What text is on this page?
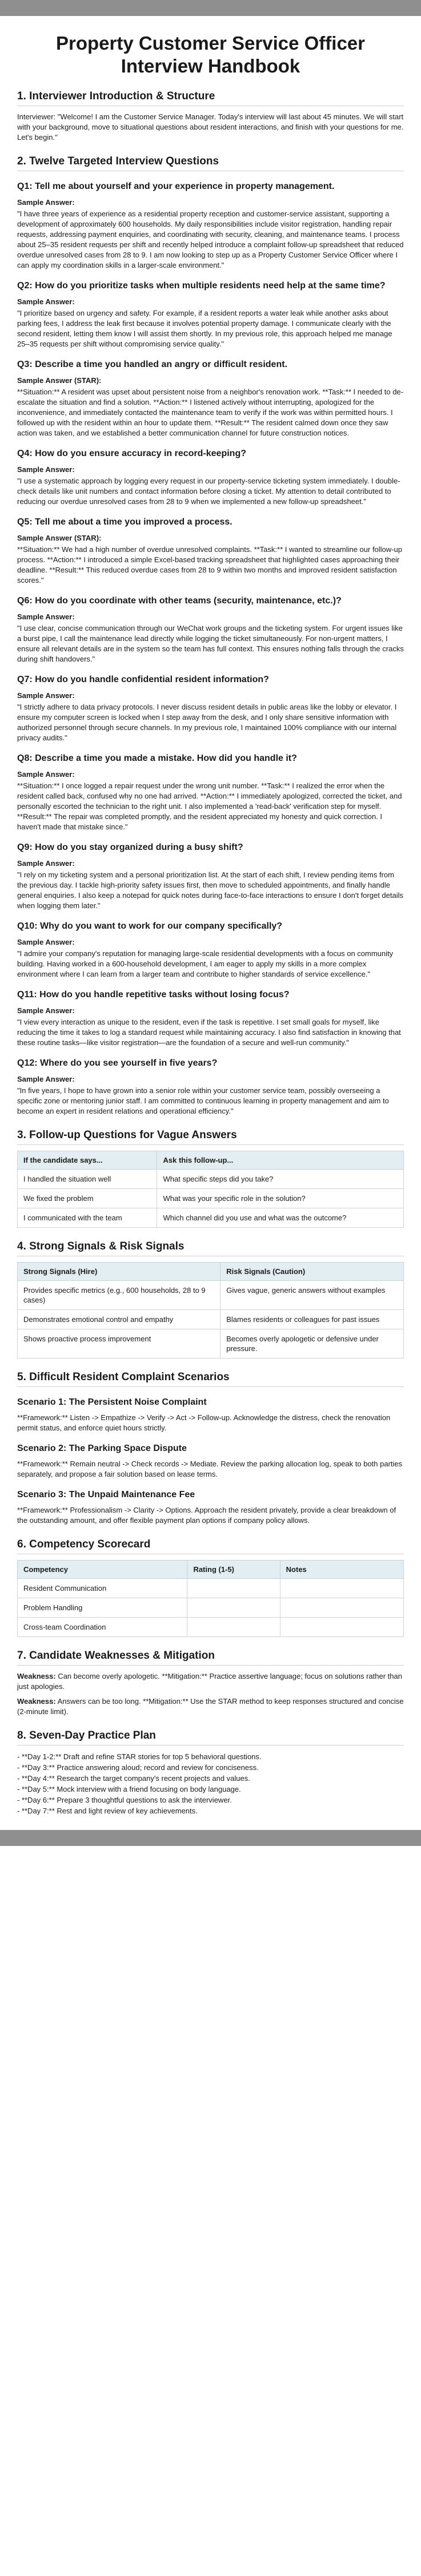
Property Customer Service Officer Interview Handbook
1. Interviewer Introduction & Structure

Interviewer: "Welcome! I am the Customer Service Manager. Today's interview will last about 45 minutes. We will start with your background, move to situational questions about resident interactions, and finish with your questions for me. Let's begin."

2. Twelve Targeted Interview Questions
Q1: Tell me about yourself and your experience in property management.
Sample Answer:

"I have three years of experience as a residential property reception and customer-service assistant, supporting a development of approximately 600 households. My daily responsibilities include visitor registration, handling repair requests, addressing payment enquiries, and coordinating with security, cleaning, and maintenance teams. I process about 25–35 resident requests per shift and recently helped introduce a complaint follow-up spreadsheet that reduced overdue unresolved cases from 28 to 9. I am now looking to step up as a Property Customer Service Officer where I can apply my coordination skills in a larger-scale environment."

Q2: How do you prioritize tasks when multiple residents need help at the same time?
Sample Answer:

"I prioritize based on urgency and safety. For example, if a resident reports a water leak while another asks about parking fees, I address the leak first because it involves potential property damage. I communicate clearly with the second resident, letting them know I will assist them shortly. In my previous role, this approach helped me manage 25–35 requests per shift without compromising service quality."

Q3: Describe a time you handled an angry or difficult resident.
Sample Answer (STAR):

**Situation:** A resident was upset about persistent noise from a neighbor's renovation work. **Task:** I needed to de-escalate the situation and find a solution. **Action:** I listened actively without interrupting, apologized for the inconvenience, and immediately contacted the maintenance team to verify if the work was within permitted hours. I followed up with the resident within an hour to update them. **Result:** The resident calmed down once they saw action was taken, and we established a better communication channel for future construction notices.

Q4: How do you ensure accuracy in record-keeping?
Sample Answer:

"I use a systematic approach by logging every request in our property-service ticketing system immediately. I double-check details like unit numbers and contact information before closing a ticket. My attention to detail contributed to reducing our overdue unresolved cases from 28 to 9 when we implemented a new follow-up spreadsheet."

Q5: Tell me about a time you improved a process.
Sample Answer (STAR):

**Situation:** We had a high number of overdue unresolved complaints. **Task:** I wanted to streamline our follow-up process. **Action:** I introduced a simple Excel-based tracking spreadsheet that highlighted cases approaching their deadline. **Result:** This reduced overdue cases from 28 to 9 within two months and improved resident satisfaction scores."

Q6: How do you coordinate with other teams (security, maintenance, etc.)?
Sample Answer:

"I use clear, concise communication through our WeChat work groups and the ticketing system. For urgent issues like a burst pipe, I call the maintenance lead directly while logging the ticket simultaneously. For non-urgent matters, I ensure all relevant details are in the system so the team has full context. This ensures nothing falls through the cracks during shift handovers."

Q7: How do you handle confidential resident information?
Sample Answer:

"I strictly adhere to data privacy protocols. I never discuss resident details in public areas like the lobby or elevator. I ensure my computer screen is locked when I step away from the desk, and I only share sensitive information with authorized personnel through secure channels. In my previous role, I maintained 100% compliance with our internal privacy audits."

Q8: Describe a time you made a mistake. How did you handle it?
Sample Answer:

**Situation:** I once logged a repair request under the wrong unit number. **Task:** I realized the error when the resident called back, confused why no one had arrived. **Action:** I immediately apologized, corrected the ticket, and personally escorted the technician to the right unit. I also implemented a 'read-back' verification step for myself. **Result:** The repair was completed promptly, and the resident appreciated my honesty and quick correction. I haven't made that mistake since."

Q9: How do you stay organized during a busy shift?
Sample Answer:

"I rely on my ticketing system and a personal prioritization list. At the start of each shift, I review pending items from the previous day. I tackle high-priority safety issues first, then move to scheduled appointments, and finally handle general enquiries. I also keep a notepad for quick notes during face-to-face interactions to ensure I don't forget details when logging them later."

Q10: Why do you want to work for our company specifically?
Sample Answer:

"I admire your company's reputation for managing large-scale residential developments with a focus on community building. Having worked in a 600-household development, I am eager to apply my skills in a more complex environment where I can learn from a larger team and contribute to higher standards of service excellence."

Q11: How do you handle repetitive tasks without losing focus?
Sample Answer:

"I view every interaction as unique to the resident, even if the task is repetitive. I set small goals for myself, like reducing the time it takes to log a standard request while maintaining accuracy. I also find satisfaction in knowing that these routine tasks—like visitor registration—are the foundation of a secure and well-run community."

Q12: Where do you see yourself in five years?
Sample Answer:

"In five years, I hope to have grown into a senior role within your customer service team, possibly overseeing a specific zone or mentoring junior staff. I am committed to continuous learning in property management and aim to become an expert in resident relations and operational efficiency."

3. Follow-up Questions for Vague Answers
If the candidate says...	Ask this follow-up...
I handled the situation well	What specific steps did you take?
We fixed the problem	What was your specific role in the solution?
I communicated with the team	Which channel did you use and what was the outcome?
4. Strong Signals & Risk Signals
Strong Signals (Hire)	Risk Signals (Caution)
Provides specific metrics (e.g., 600 households, 28 to 9 cases)	Gives vague, generic answers without examples
Demonstrates emotional control and empathy	Blames residents or colleagues for past issues
Shows proactive process improvement	Becomes overly apologetic or defensive under pressure.
5. Difficult Resident Complaint Scenarios
Scenario 1: The Persistent Noise Complaint

**Framework:** Listen -> Empathize -> Verify -> Act -> Follow-up. Acknowledge the distress, check the renovation permit status, and enforce quiet hours strictly.

Scenario 2: The Parking Space Dispute

**Framework:** Remain neutral -> Check records -> Mediate. Review the parking allocation log, speak to both parties separately, and propose a fair solution based on lease terms.

Scenario 3: The Unpaid Maintenance Fee

**Framework:** Professionalism -> Clarity -> Options. Approach the resident privately, provide a clear breakdown of the outstanding amount, and offer flexible payment plan options if company policy allows.

6. Competency Scorecard
Competency	Rating (1-5)	Notes
Resident Communication		
Problem Handling		
Cross-team Coordination		
7. Candidate Weaknesses & Mitigation

Weakness: Can become overly apologetic. **Mitigation:** Practice assertive language; focus on solutions rather than just apologies.

Weakness: Answers can be too long. **Mitigation:** Use the STAR method to keep responses structured and concise (2-minute limit).

8. Seven-Day Practice Plan
- **Day 1-2:** Draft and refine STAR stories for top 5 behavioral questions.
- **Day 3:** Practice answering aloud; record and review for conciseness.
- **Day 4:** Research the target company's recent projects and values.
- **Day 5:** Mock interview with a friend focusing on body language.
- **Day 6:** Prepare 3 thoughtful questions to ask the interviewer.
- **Day 7:** Rest and light review of key achievements.
